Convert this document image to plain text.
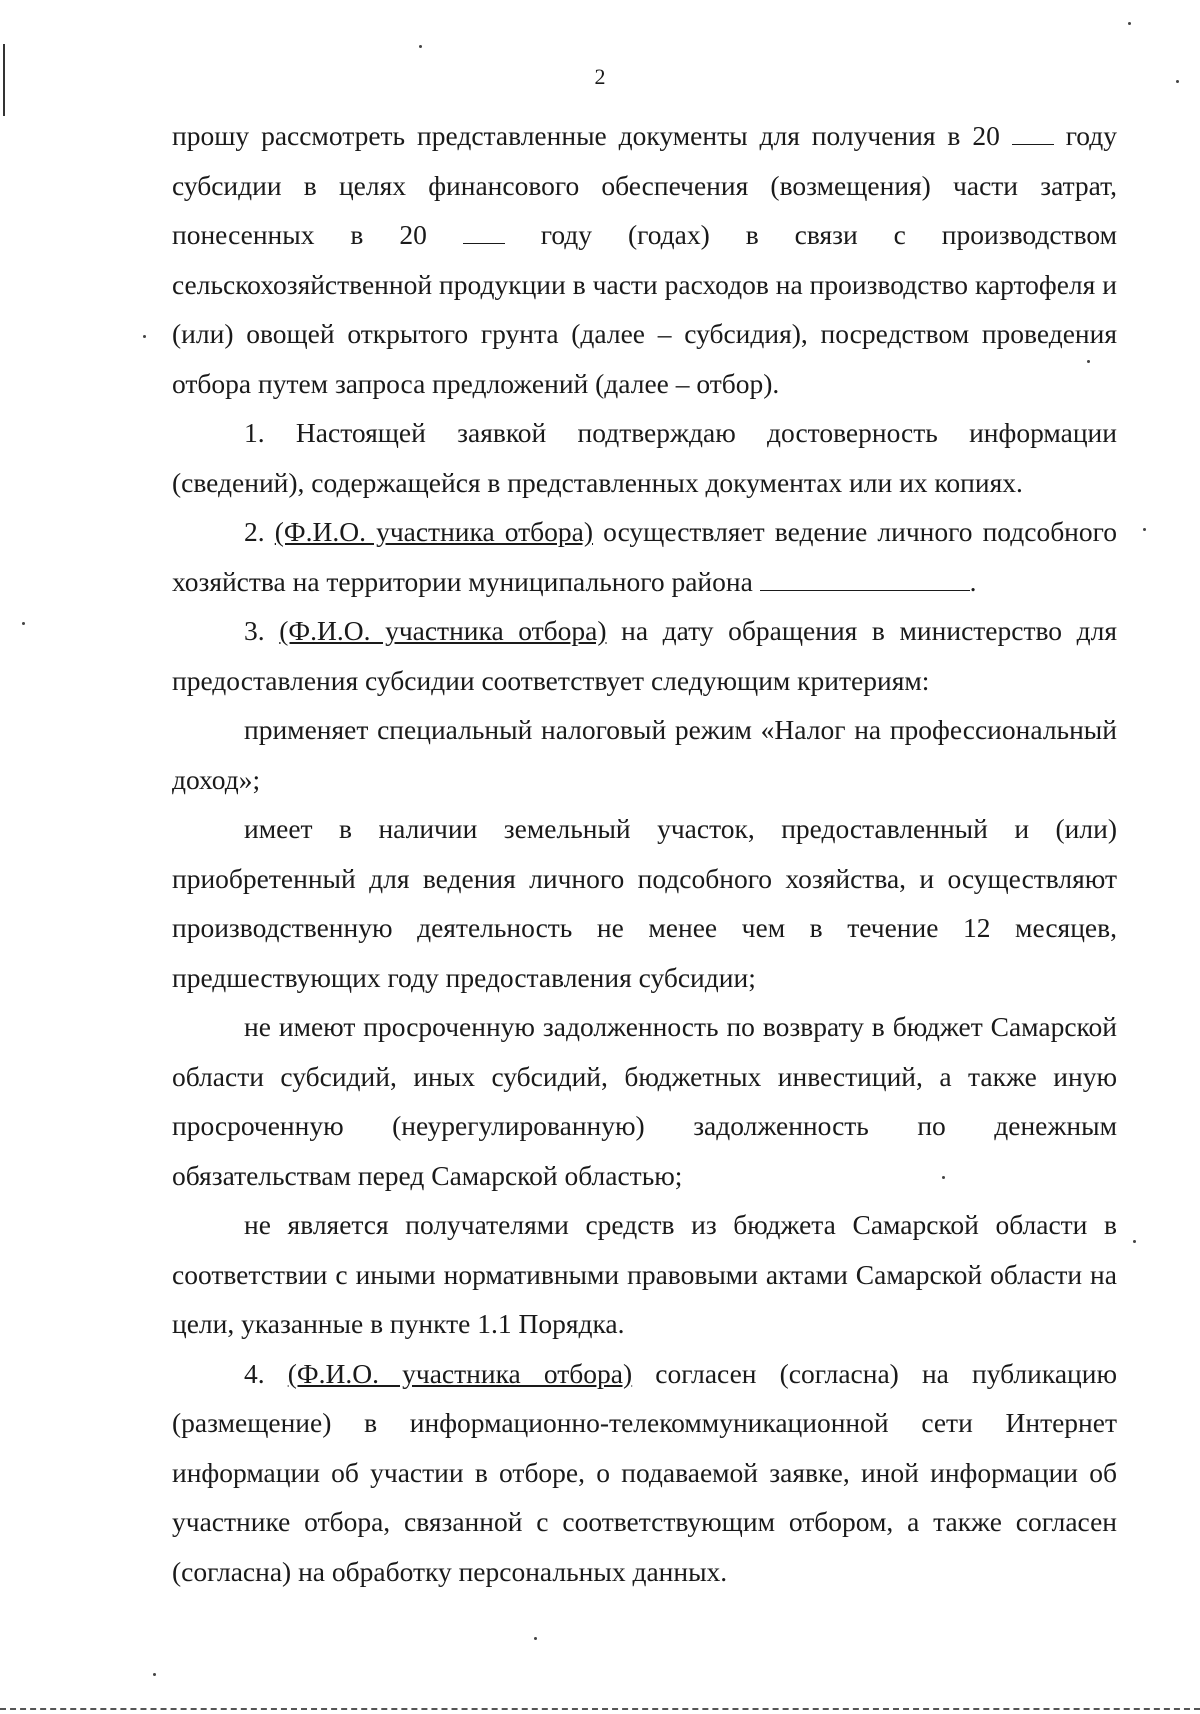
2

прошу рассмотреть представленные документы для получения в 20  году субсидии в целях финансового обеспечения (возмещения) части затрат, понесенных в 20  году (годах) в связи с производством сельскохозяйственной продукции в части расходов на производство картофеля и (или) овощей открытого грунта (далее – субсидия), посредством проведения отбора путем запроса предложений (далее – отбор).

1. Настоящей заявкой подтверждаю достоверность информации (сведений), содержащейся в представленных документах или их копиях.

2. (Ф.И.О. участника отбора) осуществляет ведение личного подсобного хозяйства на территории муниципального района	.

3. (Ф.И.О. участника отбора) на дату обращения в министерство для предоставления субсидии соответствует следующим критериям:

применяет специальный налоговый режим «Налог на профессиональный доход»;

имеет в наличии земельный участок, предоставленный и (или) приобретенный для ведения личного подсобного хозяйства, и осуществляют производственную деятельность не менее чем в течение 12 месяцев, предшествующих году предоставления субсидии;

не имеют просроченную задолженность по возврату в бюджет Самарской области субсидий, иных субсидий, бюджетных инвестиций, а также иную просроченную (неурегулированную) задолженность по денежным обязательствам перед Самарской областью;

не является получателями средств из бюджета Самарской области в соответствии с иными нормативными правовыми актами Самарской области на цели, указанные в пункте 1.1 Порядка.

4. (Ф.И.О. участника отбора) согласен (согласна) на публикацию (размещение) в информационно-телекоммуникационной сети Интернет информации об участии в отборе, о подаваемой заявке, иной информации об участнике отбора, связанной с соответствующим отбором, а также согласен (согласна) на обработку персональных данных.
